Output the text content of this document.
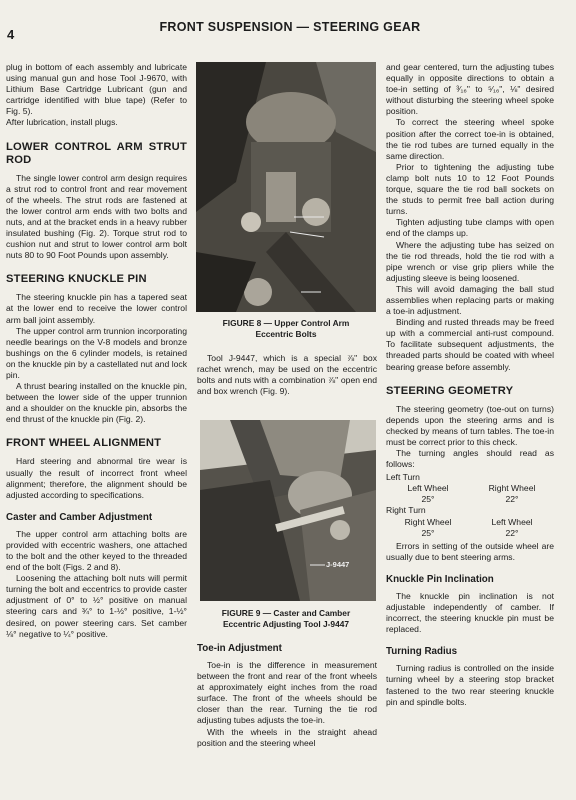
4	FRONT SUSPENSION — STEERING GEAR

plug in bottom of each assembly and lubricate using manual gun and hose Tool J-9670, with Lithium Base Cartridge Lubricant (gun and cartridge identified with blue tape) (Refer to Fig. 5).

After lubrication, install plugs.

LOWER CONTROL ARM STRUT ROD

The single lower control arm design requires a strut rod to control front and rear movement of the wheels. The strut rods are fastened at the lower control arm ends with two bolts and nuts, and at the bracket ends in a heavy rubber insulated bushing (Fig. 2). Torque strut rod to cushion nut and strut to lower control arm bolt nuts 80 to 90 Foot Pounds upon assembly.

STEERING KNUCKLE PIN

The steering knuckle pin has a tapered seat at the lower end to receive the lower control arm ball joint assembly.

The upper control arm trunnion incorporating needle bearings on the V-8 models and bronze bushings on the 6 cylinder models, is retained on the knuckle pin by a castellated nut and lock pin.

A thrust bearing installed on the knuckle pin, between the lower side of the upper trunnion and a shoulder on the knuckle pin, absorbs the end thrust of the knuckle pin (Fig. 2).

FRONT WHEEL ALIGNMENT

Hard steering and abnormal tire wear is usually the result of incorrect front wheel alignment; therefore, the alignment should be adjusted according to specifications.

Caster and Camber Adjustment

The upper control arm attaching bolts are provided with eccentric washers, one attached to the bolt and the other keyed to the threaded end of the bolt (Figs. 2 and 8).

Loosening the attaching bolt nuts will permit turning the bolt and eccentrics to provide caster adjustment of 0° to ½° positive on manual steering cars and ¾° to 1-½° positive, 1-½° desired, on power steering cars. Set camber ⅛° negative to ¼° positive.

FIGURE 8 — Upper Control Arm
Eccentric Bolts

Tool J-9447, which is a special ⅞" box rachet wrench, may be used on the eccentric bolts and nuts with a combination ⅞" open end and box wrench (Fig. 9).

J-9447
FIGURE 9 — Caster and Camber
Eccentric Adjusting Tool J-9447
Toe-in Adjustment

Toe-in is the difference in measurement between the front and rear of the front wheels at approximately eight inches from the road surface. The front of the wheels should be closer than the rear. Turning the tie rod adjusting tubes adjusts the toe-in.

With the wheels in the straight ahead position and the steering wheel

and gear centered, turn the adjusting tubes equally in opposite directions to obtain a toe-in setting of ³⁄₁₆" to ⁵⁄₁₆", ⅛" desired without disturbing the steering wheel spoke position.

To correct the steering wheel spoke position after the correct toe-in is obtained, the tie rod tubes are turned equally in the same direction.

Prior to tightening the adjusting tube clamp bolt nuts 10 to 12 Foot Pounds torque, square the tie rod ball sockets on the studs to permit free ball action during turns.

Tighten adjusting tube clamps with open end of the clamps up.

Where the adjusting tube has seized on the tie rod threads, hold the tie rod with a pipe wrench or vise grip pliers while the adjusting sleeve is being loosened.

This will avoid damaging the ball stud assemblies when replacing parts or making a toe-in adjustment.

Binding and rusted threads may be freed up with a commercial anti-rust compound. To facilitate subsequent adjustments, the threaded parts should be coated with wheel bearing grease before assembly.

STEERING GEOMETRY

The steering geometry (toe-out on turns) depends upon the steering arms and is checked by means of turn tables. The toe-in must be correct prior to this check.

The turning angles should read as follows:

Left Turn
Left Wheel	Right Wheel
25°	22°
Right Turn
Right Wheel	Left Wheel
25°	22°

Errors in setting of the outside wheel are usually due to bent steering arms.

Knuckle Pin Inclination

The knuckle pin inclination is not adjustable independently of camber. If incorrect, the steering knuckle pin must be replaced.

Turning Radius

Turning radius is controlled on the inside turning wheel by a steering stop bracket fastened to the two rear steering knuckle pin and spindle bolts.
